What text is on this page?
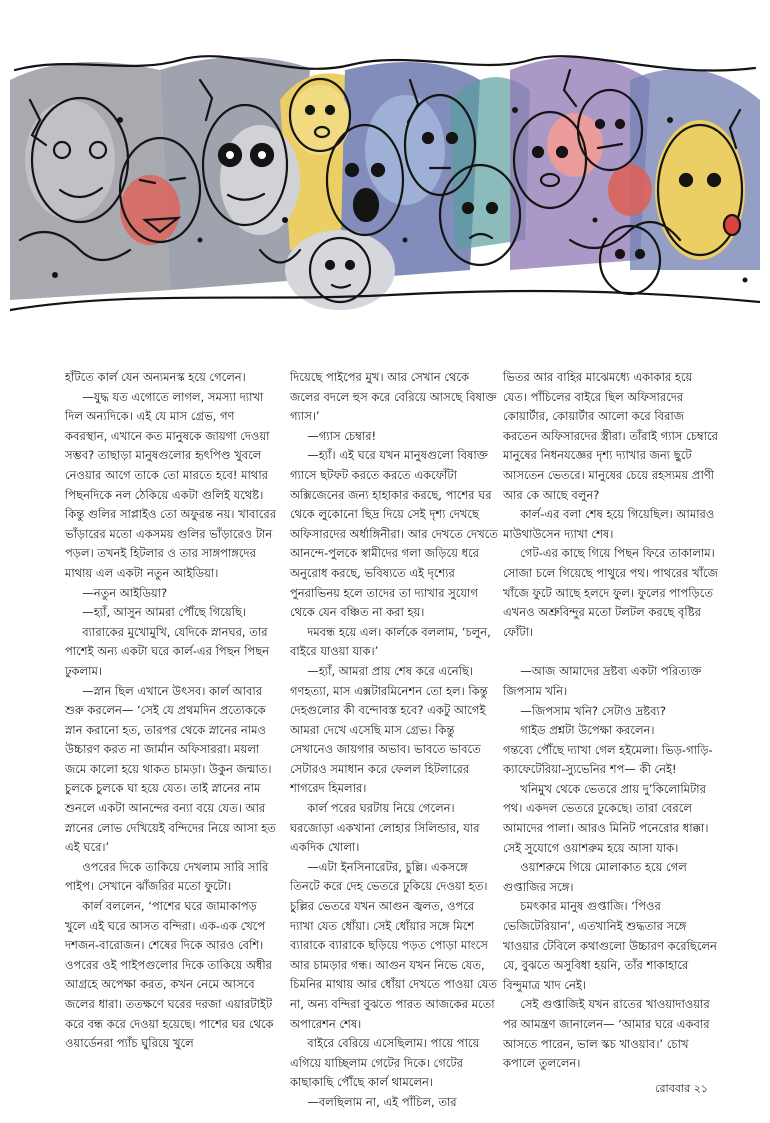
হাঁটতে কার্ল যেন অন্যমনস্ক হয়ে গেলেন।

—যুদ্ধ যত এগোতে লাগল, সমস্যা দ্যাখা দিল অন্যদিকে। এই যে মাস গ্রেভ, গণ কবরস্থান, এখানে কত মানুষকে জায়গা দেওয়া সম্ভব? তাছাড়া মানুষগুলোর হৃৎপিণ্ড খুবলে নেওয়ার আগে তাকে তো মারতে হবে! মাথার পিছনদিকে নল ঠেকিয়ে একটা গুলিই যথেষ্ট। কিন্তু গুলির সাপ্লাইও তো অফুরন্ত নয়। খাবারের ভাঁড়ারের মতো একসময় গুলির ভাঁড়ারেও টান পড়ল। তখনই হিটলার ও তার সাঙ্গপাঙ্গদের মাথায় এল একটা নতুন আইডিয়া।

—নতুন আইডিয়া?

—হ্যাঁ, আসুন আমরা পৌঁছে গিয়েছি।

ব্যারাকের মুখোমুখি, যেদিকে স্নানঘর, তার পাশেই অন্য একটা ঘরে কার্ল-এর পিছন পিছন ঢুকলাম।

—স্নান ছিল এখানে উৎসব। কার্ল আবার শুরু করলেন— ‘সেই যে প্রথমদিন প্রত্যেককে স্নান করানো হত, তারপর থেকে স্নানের নামও উচ্চারণ করত না জার্মান অফিসাররা। ময়লা জমে কালো হয়ে থাকত চামড়া। উকুন জন্মাত। চুলকে চুলকে ঘা হয়ে যেত। তাই স্নানের নাম শুনলে একটা আনন্দের বন্যা বয়ে যেত। আর স্নানের লোভ দেখিয়েই বন্দিদের নিয়ে আসা হত এই ঘরে।’

ওপরের দিকে তাকিয়ে দেখলাম সারি সারি পাইপ। সেখানে ঝাঁজরির মতো ফুটো।

কার্ল বললেন, ‘পাশের ঘরে জামাকাপড় খুলে এই ঘরে আসত বন্দিরা। এক-এক খেপে দশজন-বারোজন। শেষের দিকে আরও বেশি। ওপরের ওই পাইপগুলোর দিকে তাকিয়ে অধীর আগ্রহে অপেক্ষা করত, কখন নেমে আসবে জলের ধারা। ততক্ষণে ঘরের দরজা এয়ারটাইট করে বন্ধ করে দেওয়া হয়েছে। পাশের ঘর থেকে ওয়ার্ডেনরা প্যাঁচ ঘুরিয়ে খুলে

দিয়েছে পাইপের মুখ। আর সেখান থেকে জলের বদলে হুস করে বেরিয়ে আসছে বিষাক্ত গ্যাস।’

—গ্যাস চেম্বার!

—হ্যাঁ। এই ঘরে যখন মানুষগুলো বিষাক্ত গ্যাসে ছটফট করতে করতে একফোঁটা অক্সিজেনের জন্য হাহাকার করছে, পাশের ঘর থেকে লুকোনো ছিদ্র দিয়ে সেই দৃশ্য দেখছে অফিসারদের অর্ধাঙ্গিনীরা। আর দেখতে দেখতে আনন্দে-পুলকে স্বামীদের গলা জড়িয়ে ধরে অনুরোধ করছে, ভবিষ্যতে এই দৃশ্যের পুনরাভিনয় হলে তাদের তা দ্যাখার সুযোগ থেকে যেন বঞ্চিত না করা হয়।

দমবন্ধ হয়ে এল। কার্লকে বললাম, ‘চলুন, বাইরে যাওয়া যাক।’

—হ্যাঁ, আমরা প্রায় শেষ করে এনেছি। গণহত্যা, মাস এক্সটারমিনেশন তো হল। কিন্তু দেহগুলোর কী বন্দোবস্ত হবে? একটু আগেই আমরা দেখে এসেছি মাস গ্রেভ। কিন্তু সেখানেও জায়গার অভাব। ভাবতে ভাবতে সেটারও সমাধান করে ফেলল হিটলারের শাগরেদ হিমলার।

কার্ল পরের ঘরটায় নিয়ে গেলেন। ঘরজোড়া একখানা লোহার সিলিন্ডার, যার একদিক খোলা।

—এটা ইনসিনারেটর, চুল্লি। একসঙ্গে তিনটে করে দেহ ভেতরে ঢুকিয়ে দেওয়া হত। চুল্লির ভেতরে যখন আগুন জ্বলত, ওপরে দ্যাখা যেত ধোঁয়া। সেই ধোঁয়ার সঙ্গে মিশে ব্যারাকে ব্যারাকে ছড়িয়ে পড়ত পোড়া মাংসে আর চামড়ার গন্ধ। আগুন যখন নিভে যেত, চিমনির মাথায় আর ধোঁয়া দেখতে পাওয়া যেত না, অন্য বন্দিরা বুঝতে পারত আজকের মতো অপারেশন শেষ।

বাইরে বেরিয়ে এসেছিলাম। পায়ে পায়ে এগিয়ে যাচ্ছিলাম গেটের দিকে। গেটের কাছাকাছি পৌঁছে কার্ল থামলেন।

—বলছিলাম না, এই পাঁচিল, তার

ভিতর আর বাহির মাঝেমধ্যে একাকার হয়ে যেত। পাঁচিলের বাইরে ছিল অফিসারদের কোয়ার্টার, কোয়ার্টার আলো করে বিরাজ করতেন অফিসারদের স্ত্রীরা। তাঁরাই গ্যাস চেম্বারে মানুষের নিধনযজ্ঞের দৃশ্য দ্যাখার জন্য ছুটে আসতেন ভেতরে। মানুষের চেয়ে রহস্যময় প্রাণী আর কে আছে বলুন?

কার্ল-এর বলা শেষ হয়ে গিয়েছিল। আমারও মাউথাউসেন দ্যাখা শেষ।

গেট-এর কাছে গিয়ে পিছন ফিরে তাকালাম। সোজা চলে গিয়েছে পাথুরে পথ। পাথরের খাঁজে খাঁজে ফুটে আছে হলদে ফুল। ফুলের পাপড়িতে এখনও অশ্রুবিন্দুর মতো টলটল করছে বৃষ্টির ফোঁটা।

—আজ আমাদের দ্রষ্টব্য একটা পরিত্যক্ত জিপসাম খনি।

—জিপসাম খনি? সেটাও দ্রষ্টব্য?

গাইড প্রশ্নটা উপেক্ষা করলেন।

গন্তব্যে পৌঁছে দ্যাখা গেল হইমেলা। ভিড়-গাড়ি-ক্যাফেটেরিয়া-স্যুভেনির শপ— কী নেই!

খনিমুখ থেকে ভেতরে প্রায় দু’কিলোমিটার পথ। একদল ভেতরে ঢুকেছে। তারা বেরলে আমাদের পালা। আরও মিনিট পনেরোর ধাক্কা। সেই সুযোগে ওয়াশরুম হয়ে আসা যাক।

ওয়াশরুমে গিয়ে মোলাকাত হয়ে গেল গুপ্তাজির সঙ্গে।

চমৎকার মানুষ গুপ্তাজি। ‘পিওর ভেজিটেরিয়ান’, এতখানিই শুদ্ধতার সঙ্গে খাওয়ার টেবিলে কথাগুলো উচ্চারণ করেছিলেন যে, বুঝতে অসুবিধা হয়নি, তাঁর শাকাহারে বিন্দুমাত্র খাদ নেই।

সেই গুপ্তাজিই যখন রাতের খাওয়াদাওয়ার পর আমন্ত্রণ জানালেন— ‘আমার ঘরে একবার আসতে পারেন, ভাল স্কচ খাওয়াব।’ চোখ কপালে তুললেন।

রোববার ২১
